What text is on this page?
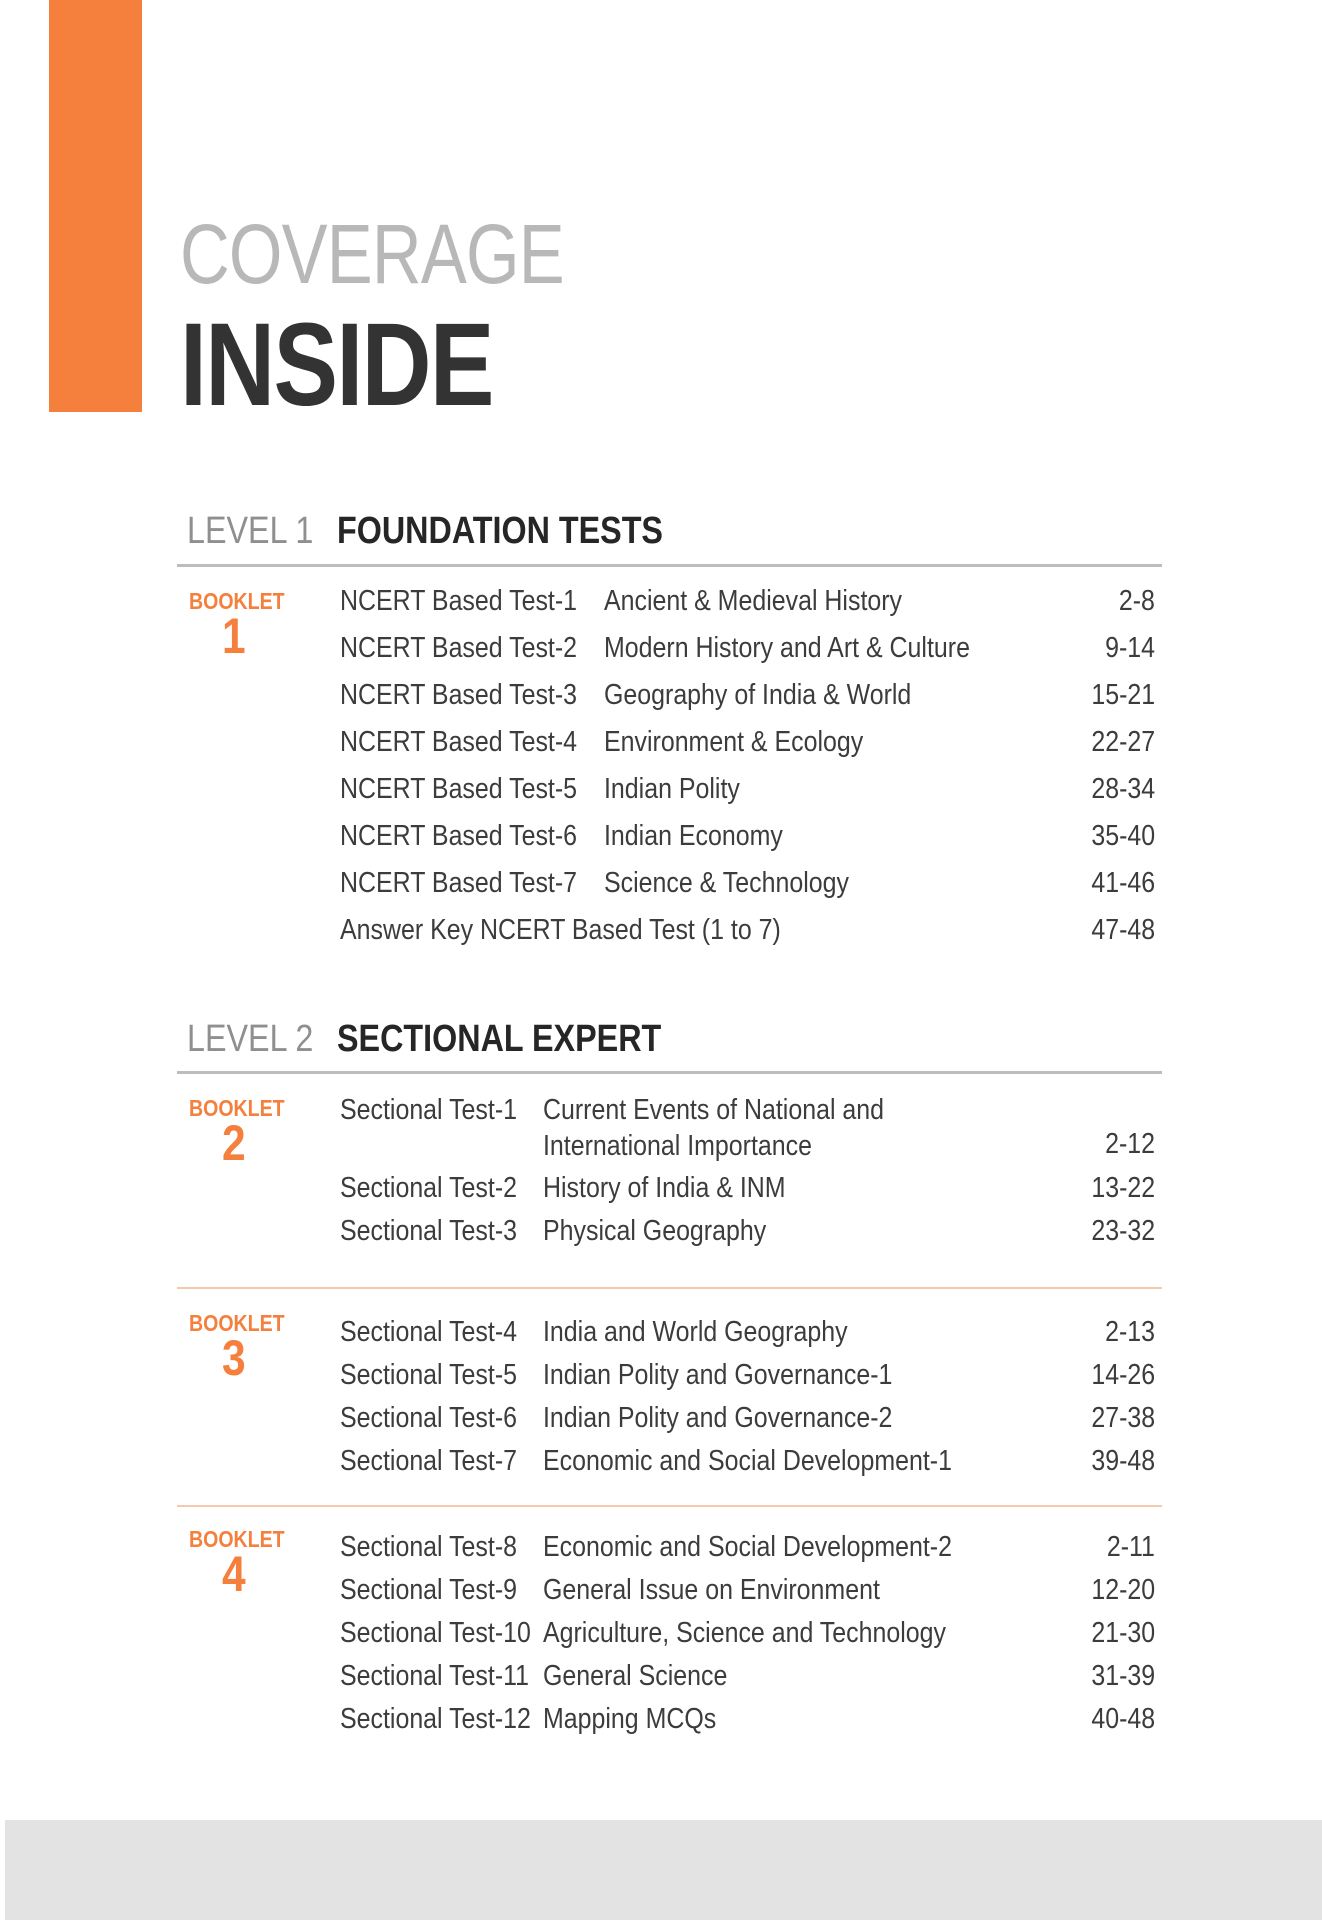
COVERAGE
INSIDE
LEVEL 1 FOUNDATION TESTS
BOOKLET
1
NCERT Based Test-1 Ancient & Medieval History	2-8
NCERT Based Test-2 Modern History and Art & Culture	9-14
NCERT Based Test-3 Geography of India & World	15-21
NCERT Based Test-4 Environment & Ecology	22-27
NCERT Based Test-5 Indian Polity	28-34
NCERT Based Test-6 Indian Economy	35-40
NCERT Based Test-7 Science & Technology	41-46
Answer Key NCERT Based Test (1 to 7)	47-48
LEVEL 2 SECTIONAL EXPERT
BOOKLET
2
Sectional Test-1 Current Events of National and International Importance	2-12
Sectional Test-2 History of India & INM	13-22
Sectional Test-3 Physical Geography	23-32
BOOKLET
3	Sectional Test-4 India and World Geography	2-13
Sectional Test-5 Indian Polity and Governance-1	14-26
Sectional Test-6 Indian Polity and Governance-2	27-38
Sectional Test-7 Economic and Social Development-1	39-48
BOOKLET
4	Sectional Test-8 Economic and Social Development-2	2-11
Sectional Test-9 General Issue on Environment	12-20
Sectional Test-10 Agriculture, Science and Technology	21-30
Sectional Test-11 General Science	31-39
Sectional Test-12 Mapping MCQs	40-48
